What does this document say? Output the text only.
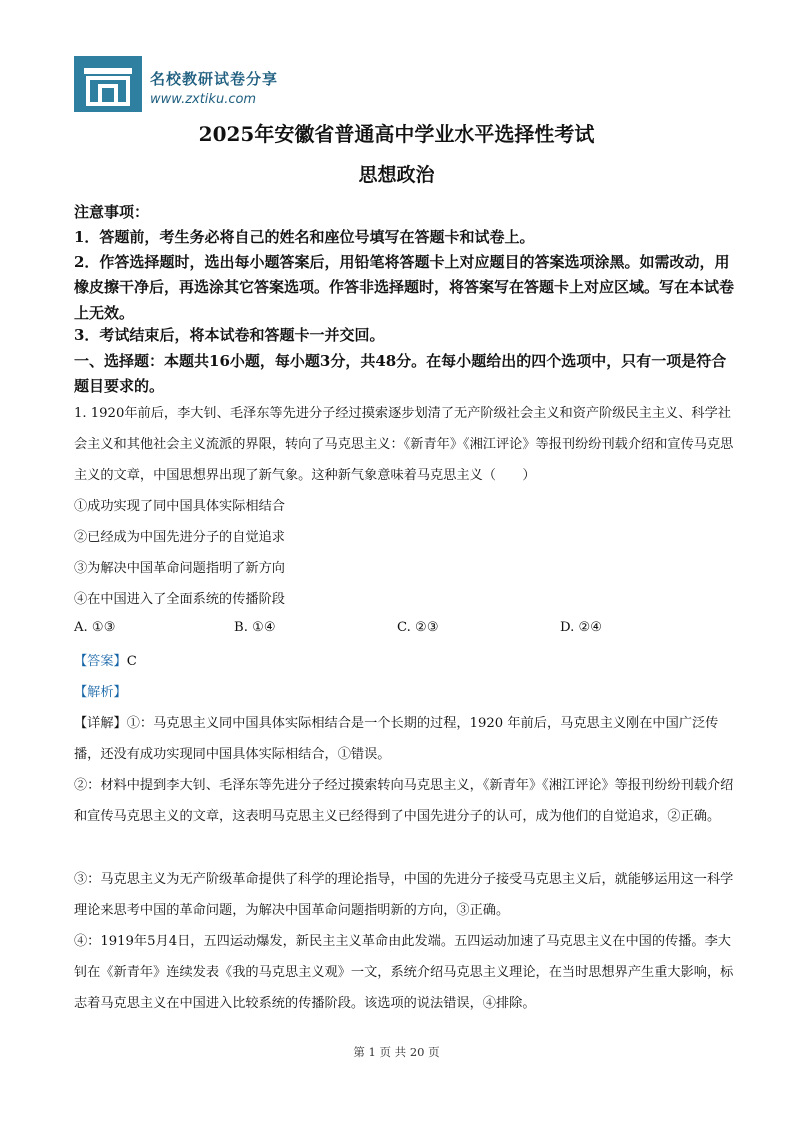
名校教研试卷分享
www.zxtiku.com
2025年安徽省普通高中学业水平选择性考试
思想政治
注意事项：
1．答题前，考生务必将自己的姓名和座位号填写在答题卡和试卷上。
2．作答选择题时，选出每小题答案后，用铅笔将答题卡上对应题目的答案选项涂黑。如需改动，用橡皮擦干净后，再选涂其它答案选项。作答非选择题时，将答案写在答题卡上对应区域。写在本试卷上无效。
3．考试结束后，将本试卷和答题卡一并交回。
一、选择题：本题共16小题，每小题3分，共48分。在每小题给出的四个选项中，只有一项是符合题目要求的。
1. 1920年前后，李大钊、毛泽东等先进分子经过摸索逐步划清了无产阶级社会主义和资产阶级民主主义、科学社会主义和其他社会主义流派的界限，转向了马克思主义：《新青年》《湘江评论》等报刊纷纷刊载介绍和宣传马克思主义的文章，中国思想界出现了新气象。这种新气象意味着马克思主义（　　）
①成功实现了同中国具体实际相结合
②已经成为中国先进分子的自觉追求
③为解决中国革命问题指明了新方向
④在中国进入了全面系统的传播阶段
A. ①③	B. ①④	C. ②③	D. ②④
【答案】C
【解析】
【详解】①：马克思主义同中国具体实际相结合是一个长期的过程，1920 年前后，马克思主义刚在中国广泛传播，还没有成功实现同中国具体实际相结合，①错误。
②：材料中提到李大钊、毛泽东等先进分子经过摸索转向马克思主义，《新青年》《湘江评论》等报刊纷纷刊载介绍和宣传马克思主义的文章，这表明马克思主义已经得到了中国先进分子的认可，成为他们的自觉追求，②正确。
③：马克思主义为无产阶级革命提供了科学的理论指导，中国的先进分子接受马克思主义后，就能够运用这一科学理论来思考中国的革命问题，为解决中国革命问题指明新的方向，③正确。
④：1919年5月4日，五四运动爆发，新民主主义革命由此发端。五四运动加速了马克思主义在中国的传播。李大钊在《新青年》连续发表《我的马克思主义观》一文，系统介绍马克思主义理论，在当时思想界产生重大影响，标志着马克思主义在中国进入比较系统的传播阶段。该选项的说法错误，④排除。
第 1 页 共 20 页
